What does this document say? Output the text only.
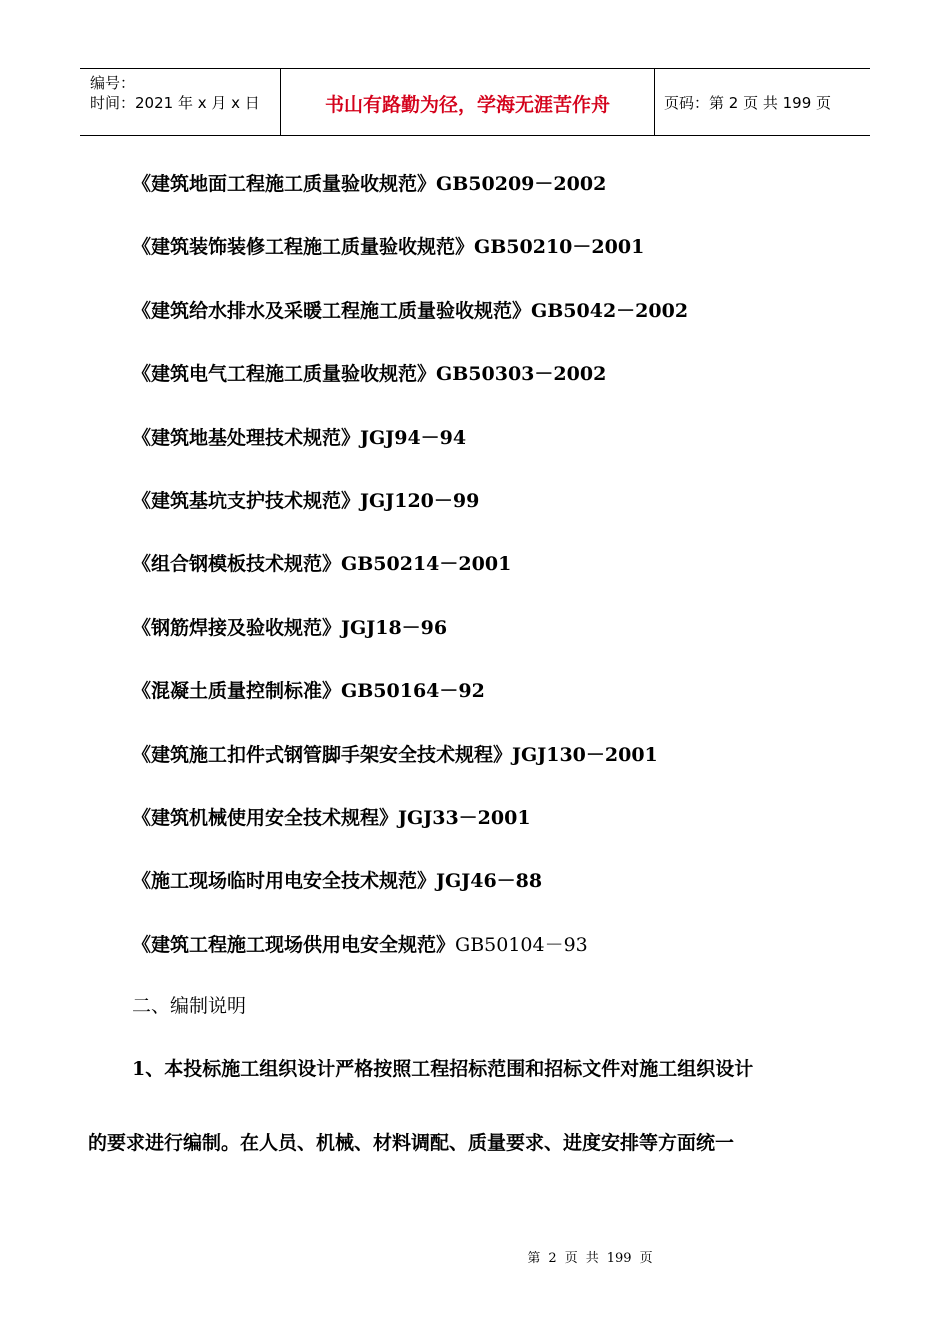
编号：
时间：2021 年 x 月 x 日	书山有路勤为径，学海无涯苦作舟	页码：第 2 页 共 199 页
《建筑地面工程施工质量验收规范》GB50209－2002
《建筑装饰装修工程施工质量验收规范》GB50210－2001
《建筑给水排水及采暖工程施工质量验收规范》GB5042－2002
《建筑电气工程施工质量验收规范》GB50303－2002
《建筑地基处理技术规范》JGJ94－94
《建筑基坑支护技术规范》JGJ120－99
《组合钢模板技术规范》GB50214－2001
《钢筋焊接及验收规范》JGJ18－96
《混凝土质量控制标准》GB50164－92
《建筑施工扣件式钢管脚手架安全技术规程》JGJ130－2001
《建筑机械使用安全技术规程》JGJ33－2001
《施工现场临时用电安全技术规范》JGJ46－88
《建筑工程施工现场供用电安全规范》GB50104－93
二、编制说明
1、本投标施工组织设计严格按照工程招标范围和招标文件对施工组织设计
的要求进行编制。在人员、机械、材料调配、质量要求、进度安排等方面统一
第 2 页 共 199 页
